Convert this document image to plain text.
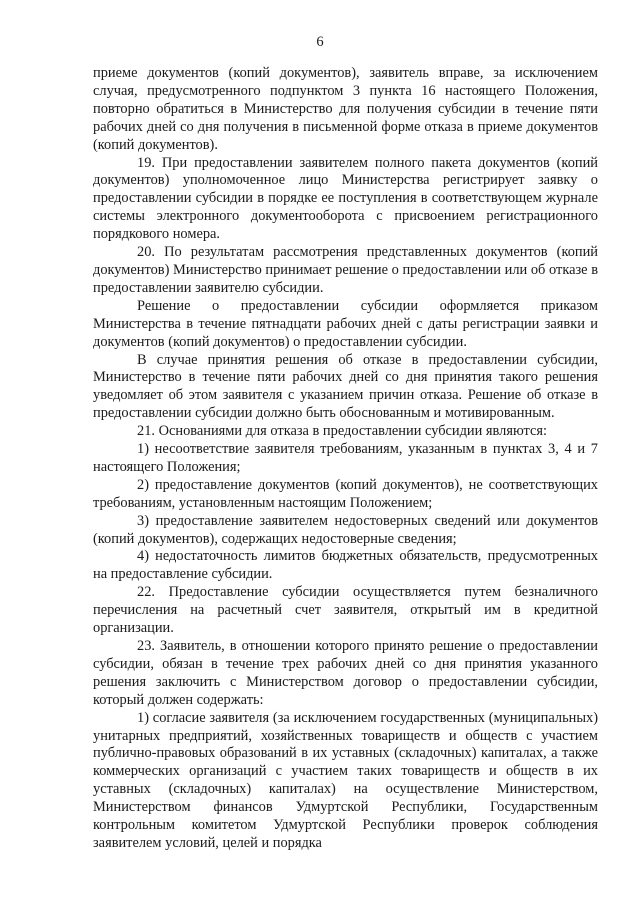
6

приеме документов (копий документов), заявитель вправе, за исключением случая, предусмотренного подпунктом 3 пункта 16 настоящего Положения, повторно обратиться в Министерство для получения субсидии в течение пяти рабочих дней со дня получения в письменной форме отказа в приеме документов (копий документов).

19. При предоставлении заявителем полного пакета документов (копий документов) уполномоченное лицо Министерства регистрирует заявку о предоставлении субсидии в порядке ее поступления в соответствующем журнале системы электронного документооборота с присвоением регистрационного порядкового номера.

20. По результатам рассмотрения представленных документов (копий документов) Министерство принимает решение о предоставлении или об отказе в предоставлении заявителю субсидии.

Решение о предоставлении субсидии оформляется приказом Министерства в течение пятнадцати рабочих дней с даты регистрации заявки и документов (копий документов) о предоставлении субсидии.

В случае принятия решения об отказе в предоставлении субсидии, Министерство в течение пяти рабочих дней со дня принятия такого решения уведомляет об этом заявителя с указанием причин отказа. Решение об отказе в предоставлении субсидии должно быть обоснованным и мотивированным.

21. Основаниями для отказа в предоставлении субсидии являются:

1) несоответствие заявителя требованиям, указанным в пунктах 3, 4 и 7 настоящего Положения;

2) предоставление документов (копий документов), не соответствующих требованиям, установленным настоящим Положением;

3) предоставление заявителем недостоверных сведений или документов (копий документов), содержащих недостоверные сведения;

4) недостаточность лимитов бюджетных обязательств, предусмотренных на предоставление субсидии.

22. Предоставление субсидии осуществляется путем безналичного перечисления на расчетный счет заявителя, открытый им в кредитной организации.

23. Заявитель, в отношении которого принято решение о предоставлении субсидии, обязан в течение трех рабочих дней со дня принятия указанного решения заключить с Министерством договор о предоставлении субсидии, который должен содержать:

1) согласие заявителя (за исключением государственных (муниципальных) унитарных предприятий, хозяйственных товариществ и обществ с участием публично-правовых образований в их уставных (складочных) капиталах, а также коммерческих организаций с участием таких товариществ и обществ в их уставных (складочных) капиталах) на осуществление Министерством, Министерством финансов Удмуртской Республики, Государственным контрольным комитетом Удмуртской Республики проверок соблюдения заявителем условий, целей и порядка
